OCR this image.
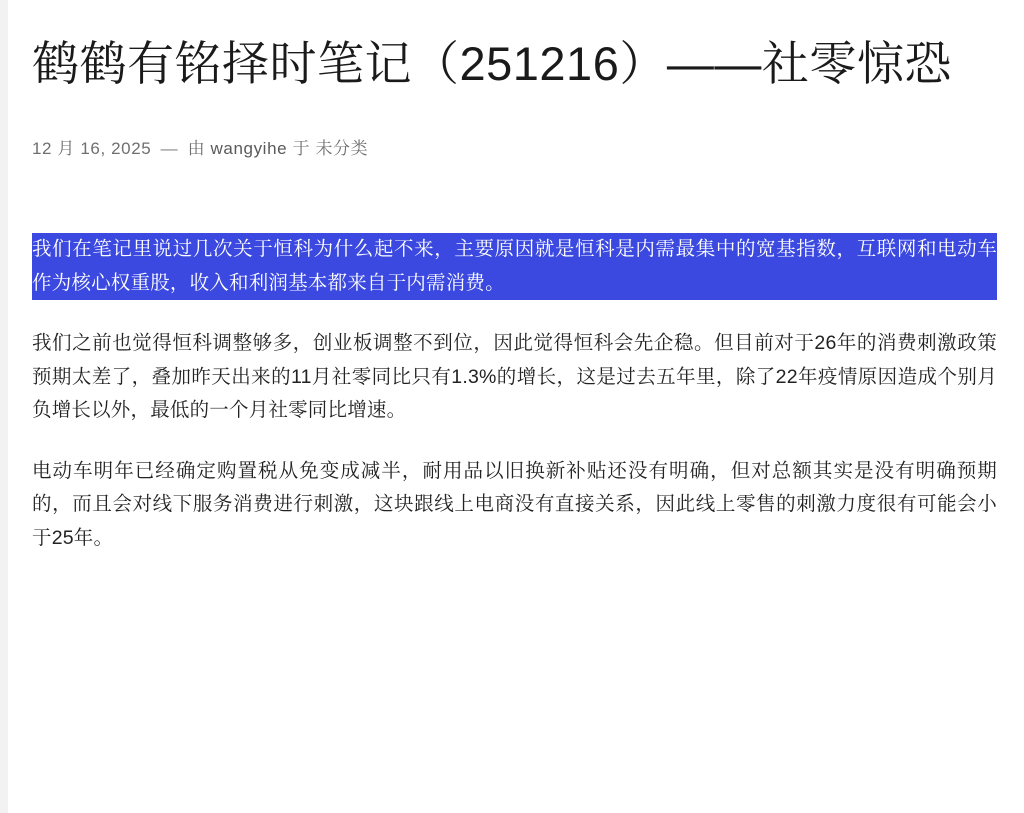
鹤鹤有铭择时笔记（251216）——社零惊恐
12 月 16, 2025 — 由 wangyihe 于 未分类

我们在笔记里说过几次关于恒科为什么起不来，主要原因就是恒科是内需最集中的宽基指数，互联网和电动车作为核心权重股，收入和利润基本都来自于内需消费。

我们之前也觉得恒科调整够多，创业板调整不到位，因此觉得恒科会先企稳。但目前对于26年的消费刺激政策预期太差了，叠加昨天出来的11月社零同比只有1.3%的增长，这是过去五年里，除了22年疫情原因造成个别月负增长以外，最低的一个月社零同比增速。

电动车明年已经确定购置税从免变成减半，耐用品以旧换新补贴还没有明确，但对总额其实是没有明确预期的，而且会对线下服务消费进行刺激，这块跟线上电商没有直接关系，因此线上零售的刺激力度很有可能会小于25年。
